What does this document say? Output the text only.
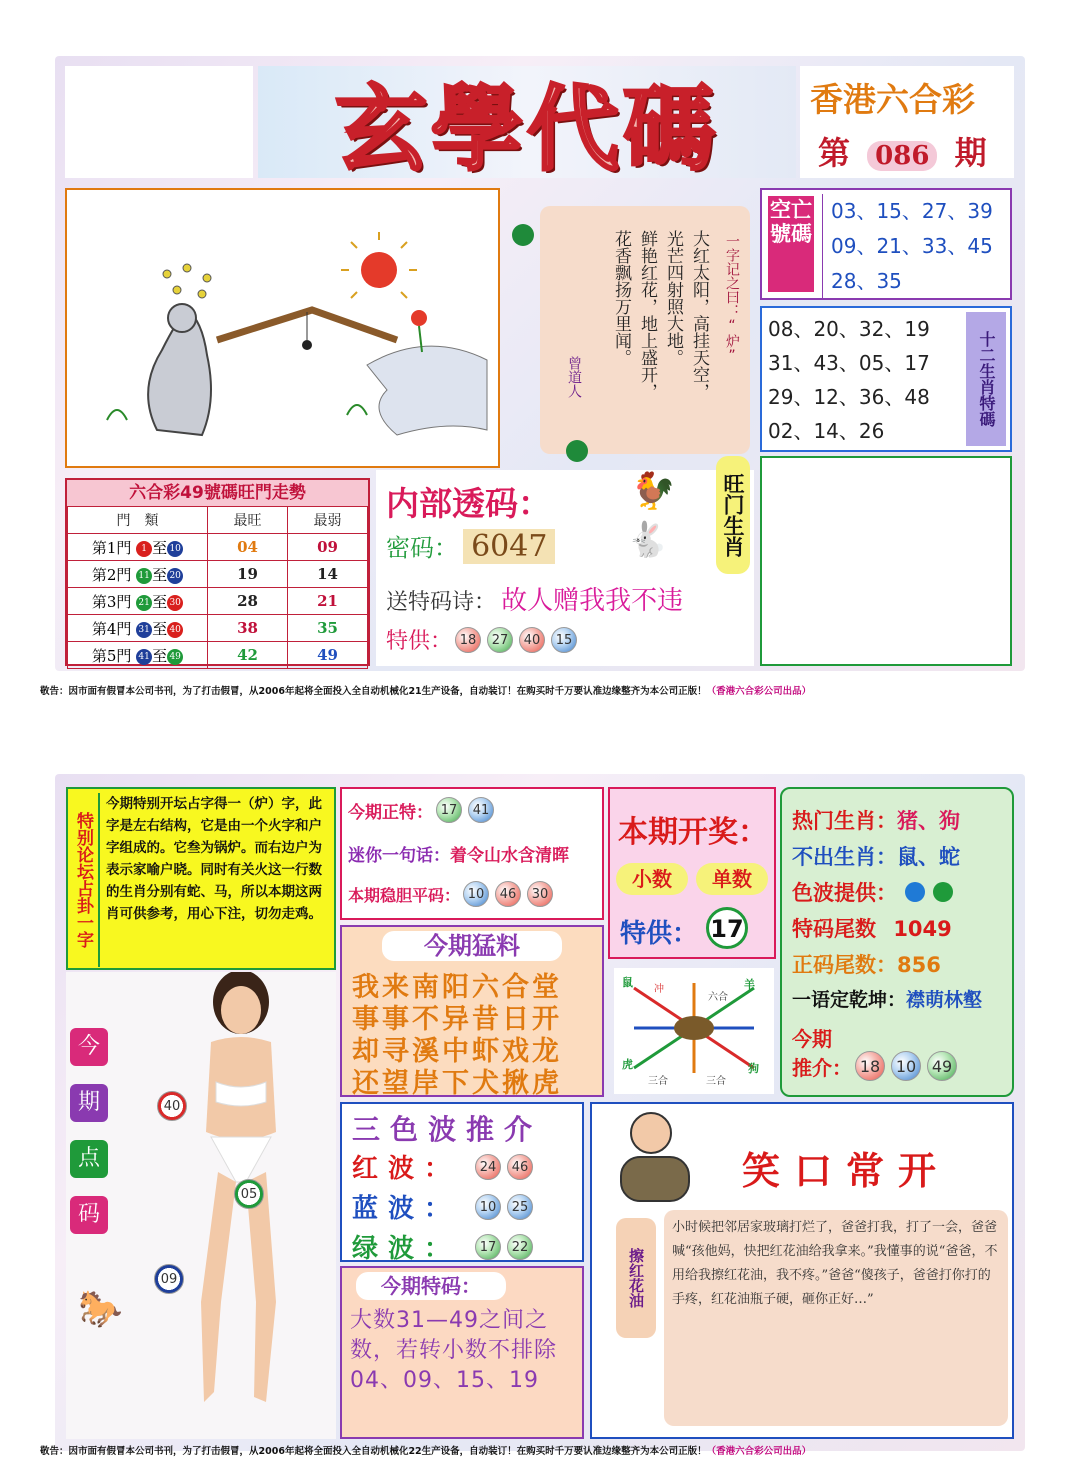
玄學代碼	香港六合彩
第 086 期
一字记之曰：“炉”
大红太阳，高挂天空，
光芒四射照大地。
鲜艳红花，地上盛开，
花香飘扬万里闻。
曾道人
空亡號碼
03、15、27、39
09、21、33、45
28、35
08、20、32、19
31、43、05、17
29、12、36、48
02、14、26
十二生肖特碼
六合彩49號碼旺門走勢
門　類	最旺	最弱
第1門 1 至 10	04	09
第2門 11 至 20	19	14
第3門 21 至 30	28	21
第4門 31 至 40	38	35
第5門 41 至 49	42	49
内部透码：
密码： 6047
送特码诗： 故人赠我我不违
特供： 18	27	40	15
🐓
🐇	旺门生肖
敬告：因市面有假冒本公司书刊，为了打击假冒，从2006年起将全面投入全自动机械化21生产设备，自动装订！在购买时千万要认准边缘整齐为本公司正版！（香港六合彩公司出品）
特别论坛占卦一字
今期特别开坛占字得一（炉）字，此字是左右结构，它是由一个火字和户字组成的。它叁为锅炉。而右边户为表示家喻户晓。同时有关火这一行数的生肖分别有蛇、马，所以本期这两肖可供参考，用心下注，切勿走鸡。
今
期
点
码
40
05
09
🐎
今期正特： 17	41
迷你一句话：着令山水含清晖
本期稳胆平码： 10	46	30
今期猛料
我来南阳六合堂
事事不异昔日开
却寻溪中虾戏龙
还望岸下犬揪虎
本期开奖：
小数	单数
特供： 17
鼠
冲
六合
羊
虎
三合	三合
狗
热门生肖：猪、狗
不出生肖：鼠、蛇
色波提供：
特码尾数 1049
正码尾数：856
一语定乾坤：襟萌林壑
今期
推介： 18 10 49
三色波推介
红波：	24	46
蓝波：	10	25
绿波：	17	22
今期特码：
大数31—49之间之数，若转小数不排除04、09、15、19
笑口常开
擦红花油
小时候把邻居家玻璃打烂了，爸爸打我，打了一会，爸爸喊“孩他妈，快把红花油给我拿来。”我懂事的说“爸爸，不用给我擦红花油，我不疼。”爸爸“傻孩子，爸爸打你打的手疼，红花油瓶子硬，砸你正好…”
敬告：因市面有假冒本公司书刊，为了打击假冒，从2006年起将全面投入全自动机械化22生产设备，自动装订！在购买时千万要认准边缘整齐为本公司正版！（香港六合彩公司出品）
